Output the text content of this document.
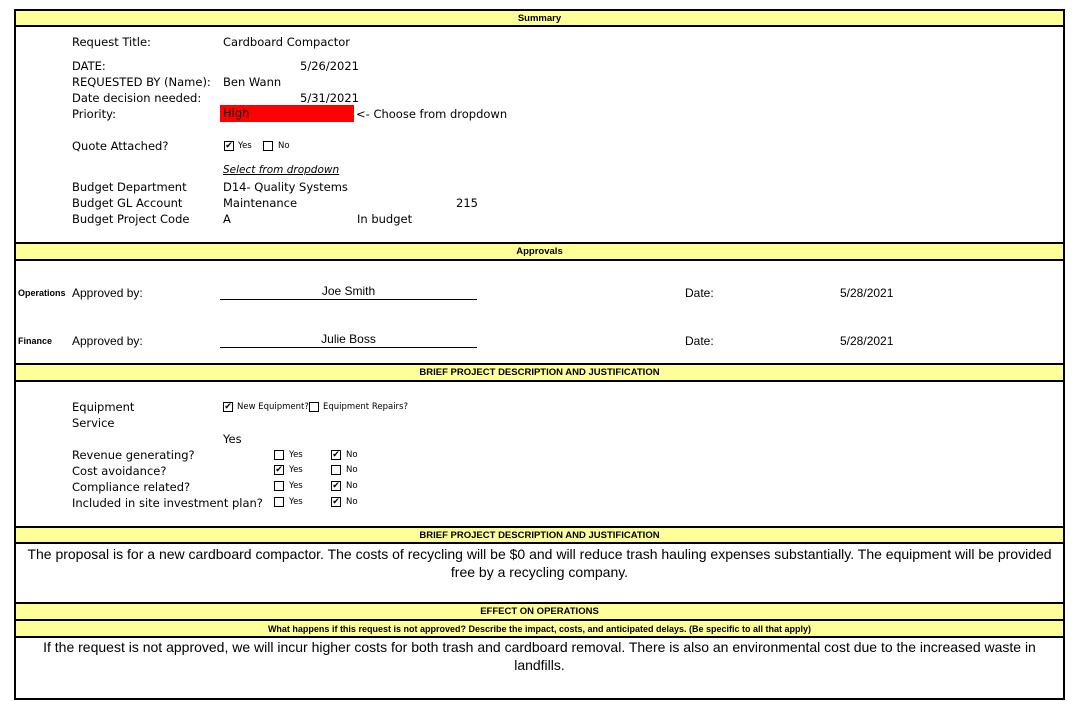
Summary
Request Title:	Cardboard Compactor
DATE:	5/26/2021
REQUESTED BY (Name): Ben Wann
Date decision needed:	5/31/2021
Priority:	High	<- Choose from dropdown
Quote Attached?	✔ Yes	No
Select from dropdown
Budget Department	D14- Quality Systems
Budget GL Account	Maintenance	215
Budget Project Code	A	In budget
Approvals
Operations Approved by:	Joe Smith	Date:	5/28/2021
Finance Approved by:	Julie Boss	Date:	5/28/2021
BRIEF PROJECT DESCRIPTION AND JUSTIFICATION
Equipment	✔ New Equipment? Equipment Repairs?
Service
Yes
Revenue generating?	Yes	✔ No
Cost avoidance?	✔ Yes	No
Compliance related?	Yes	✔ No
Included in site investment plan?	Yes	✔ No
BRIEF PROJECT DESCRIPTION AND JUSTIFICATION
The proposal is for a new cardboard compactor. The costs of recycling will be $0 and will reduce trash hauling expenses substantially. The equipment will be provided free by a recycling company.
EFFECT ON OPERATIONS
What happens if this request is not approved? Describe the impact, costs, and anticipated delays. (Be specific to all that apply)
If the request is not approved, we will incur higher costs for both trash and cardboard removal. There is also an environmental cost due to the increased waste in landfills.
